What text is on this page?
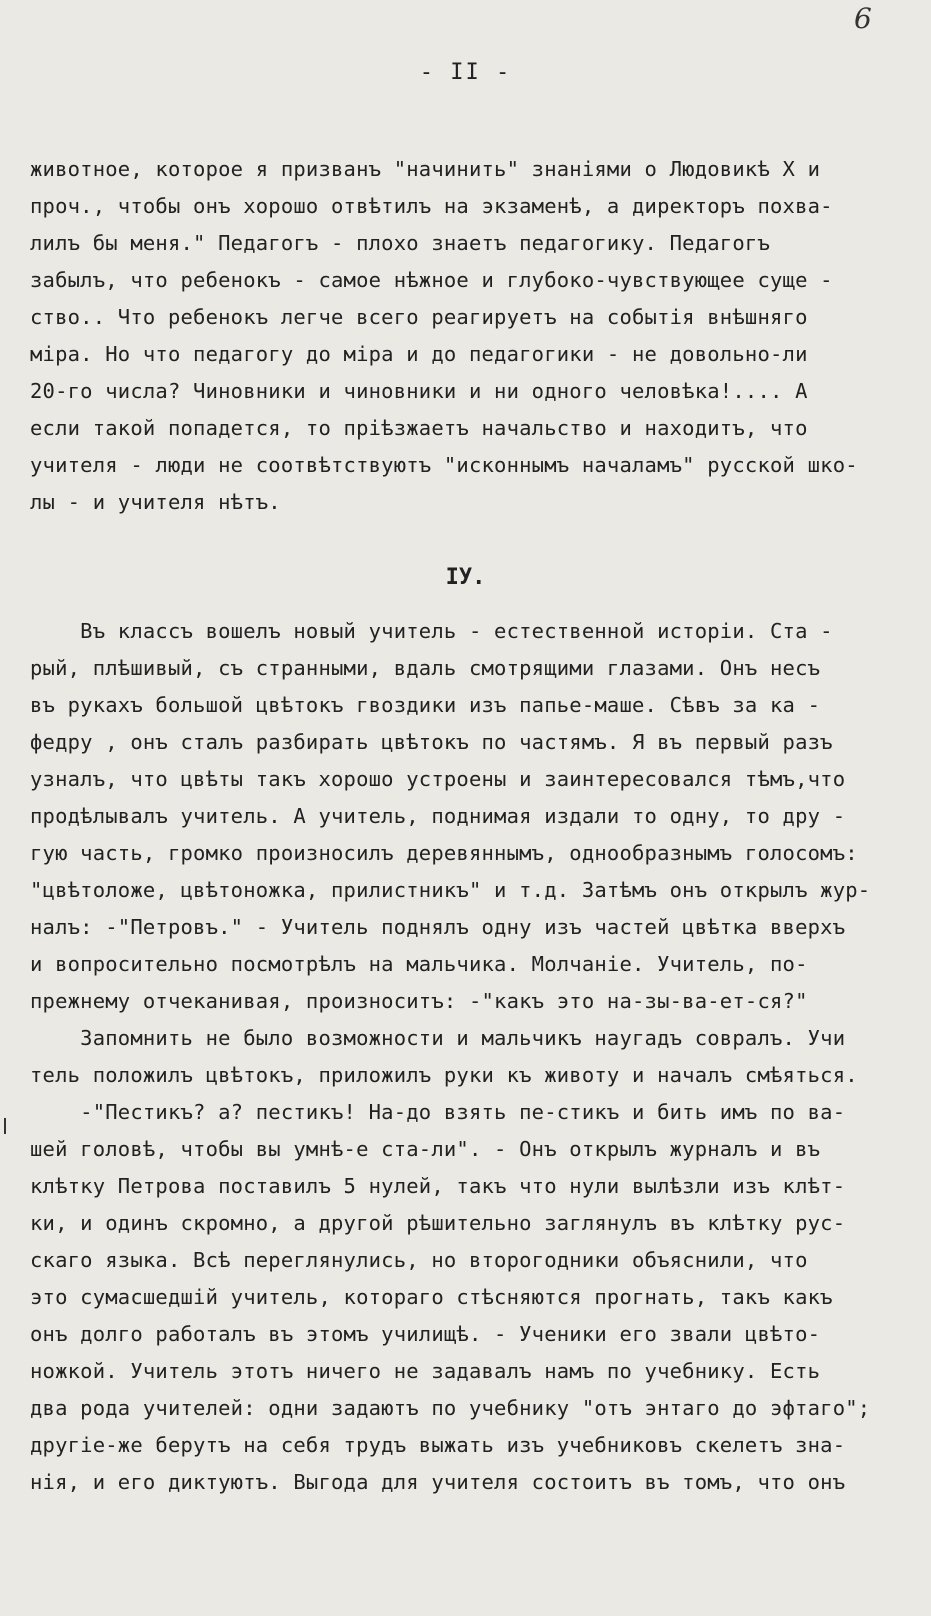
6
- II -
животное, которое я призванъ "начинить" знаніями о Людовикѣ Х и
проч., чтобы онъ хорошо отвѣтилъ на экзаменѣ, а директоръ похва-
лилъ бы меня." Педагогъ - плохо знаетъ педагогику. Педагогъ
забылъ, что ребенокъ - самое нѣжное и глубоко-чувствующее суще -
ство.. Что ребенокъ легче всего реагируетъ на событія внѣшняго
міра. Но что педагогу до міра и до педагогики - не довольно-ли
20-го числа? Чиновники и чиновники и ни одного человѣка!.... А
если такой попадется, то пріѣзжаетъ начальство и находитъ, что
учителя - люди не соотвѣтствуютъ "исконнымъ началамъ" русской шко-
лы - и учителя нѣтъ.
IУ.
Въ классъ вошелъ новый учитель - естественной исторіи. Ста -
рый, плѣшивый, съ странными, вдаль смотрящими глазами. Онъ несъ
въ рукахъ большой цвѣтокъ гвоздики изъ папье-маше. Сѣвъ за ка -
федру , онъ сталъ разбирать цвѣтокъ по частямъ. Я въ первый разъ
узналъ, что цвѣты такъ хорошо устроены и заинтересовался тѣмъ,что
продѣлывалъ учитель. А учитель, поднимая издали то одну, то дру -
гую часть, громко произносилъ деревяннымъ, однообразнымъ голосомъ:
"цвѣтоложе, цвѣтоножка, прилистникъ" и т.д. Затѣмъ онъ открылъ жур-
налъ: -"Петровъ." - Учитель поднялъ одну изъ частей цвѣтка вверхъ
и вопросительно посмотрѣлъ на мальчика. Молчаніе. Учитель, по-
прежнему отчеканивая, произноситъ: -"какъ это на-зы-ва-ет-ся?"
Запомнить не было возможности и мальчикъ наугадъ совралъ. Учи
тель положилъ цвѣтокъ, приложилъ руки къ животу и началъ смѣяться.
-"Пестикъ? а? пестикъ! На-до взять пе-стикъ и бить имъ по ва-
шей головѣ, чтобы вы умнѣ-е ста-ли". - Онъ открылъ журналъ и въ
клѣтку Петрова поставилъ 5 нулей, такъ что нули вылѣзли изъ клѣт-
ки, и одинъ скромно, а другой рѣшительно заглянулъ въ клѣтку рус-
скаго языка. Всѣ переглянулись, но второгодники объяснили, что
это сумасшедшій учитель, котораго стѣсняются прогнать, такъ какъ
онъ долго работалъ въ этомъ училищѣ. - Ученики его звали цвѣто-
ножкой. Учитель этотъ ничего не задавалъ намъ по учебнику. Есть
два рода учителей: одни задаютъ по учебнику "отъ энтаго до эфтаго";
другіе-же берутъ на себя трудъ выжать изъ учебниковъ скелетъ зна-
нія, и его диктуютъ. Выгода для учителя состоитъ въ томъ, что онъ
